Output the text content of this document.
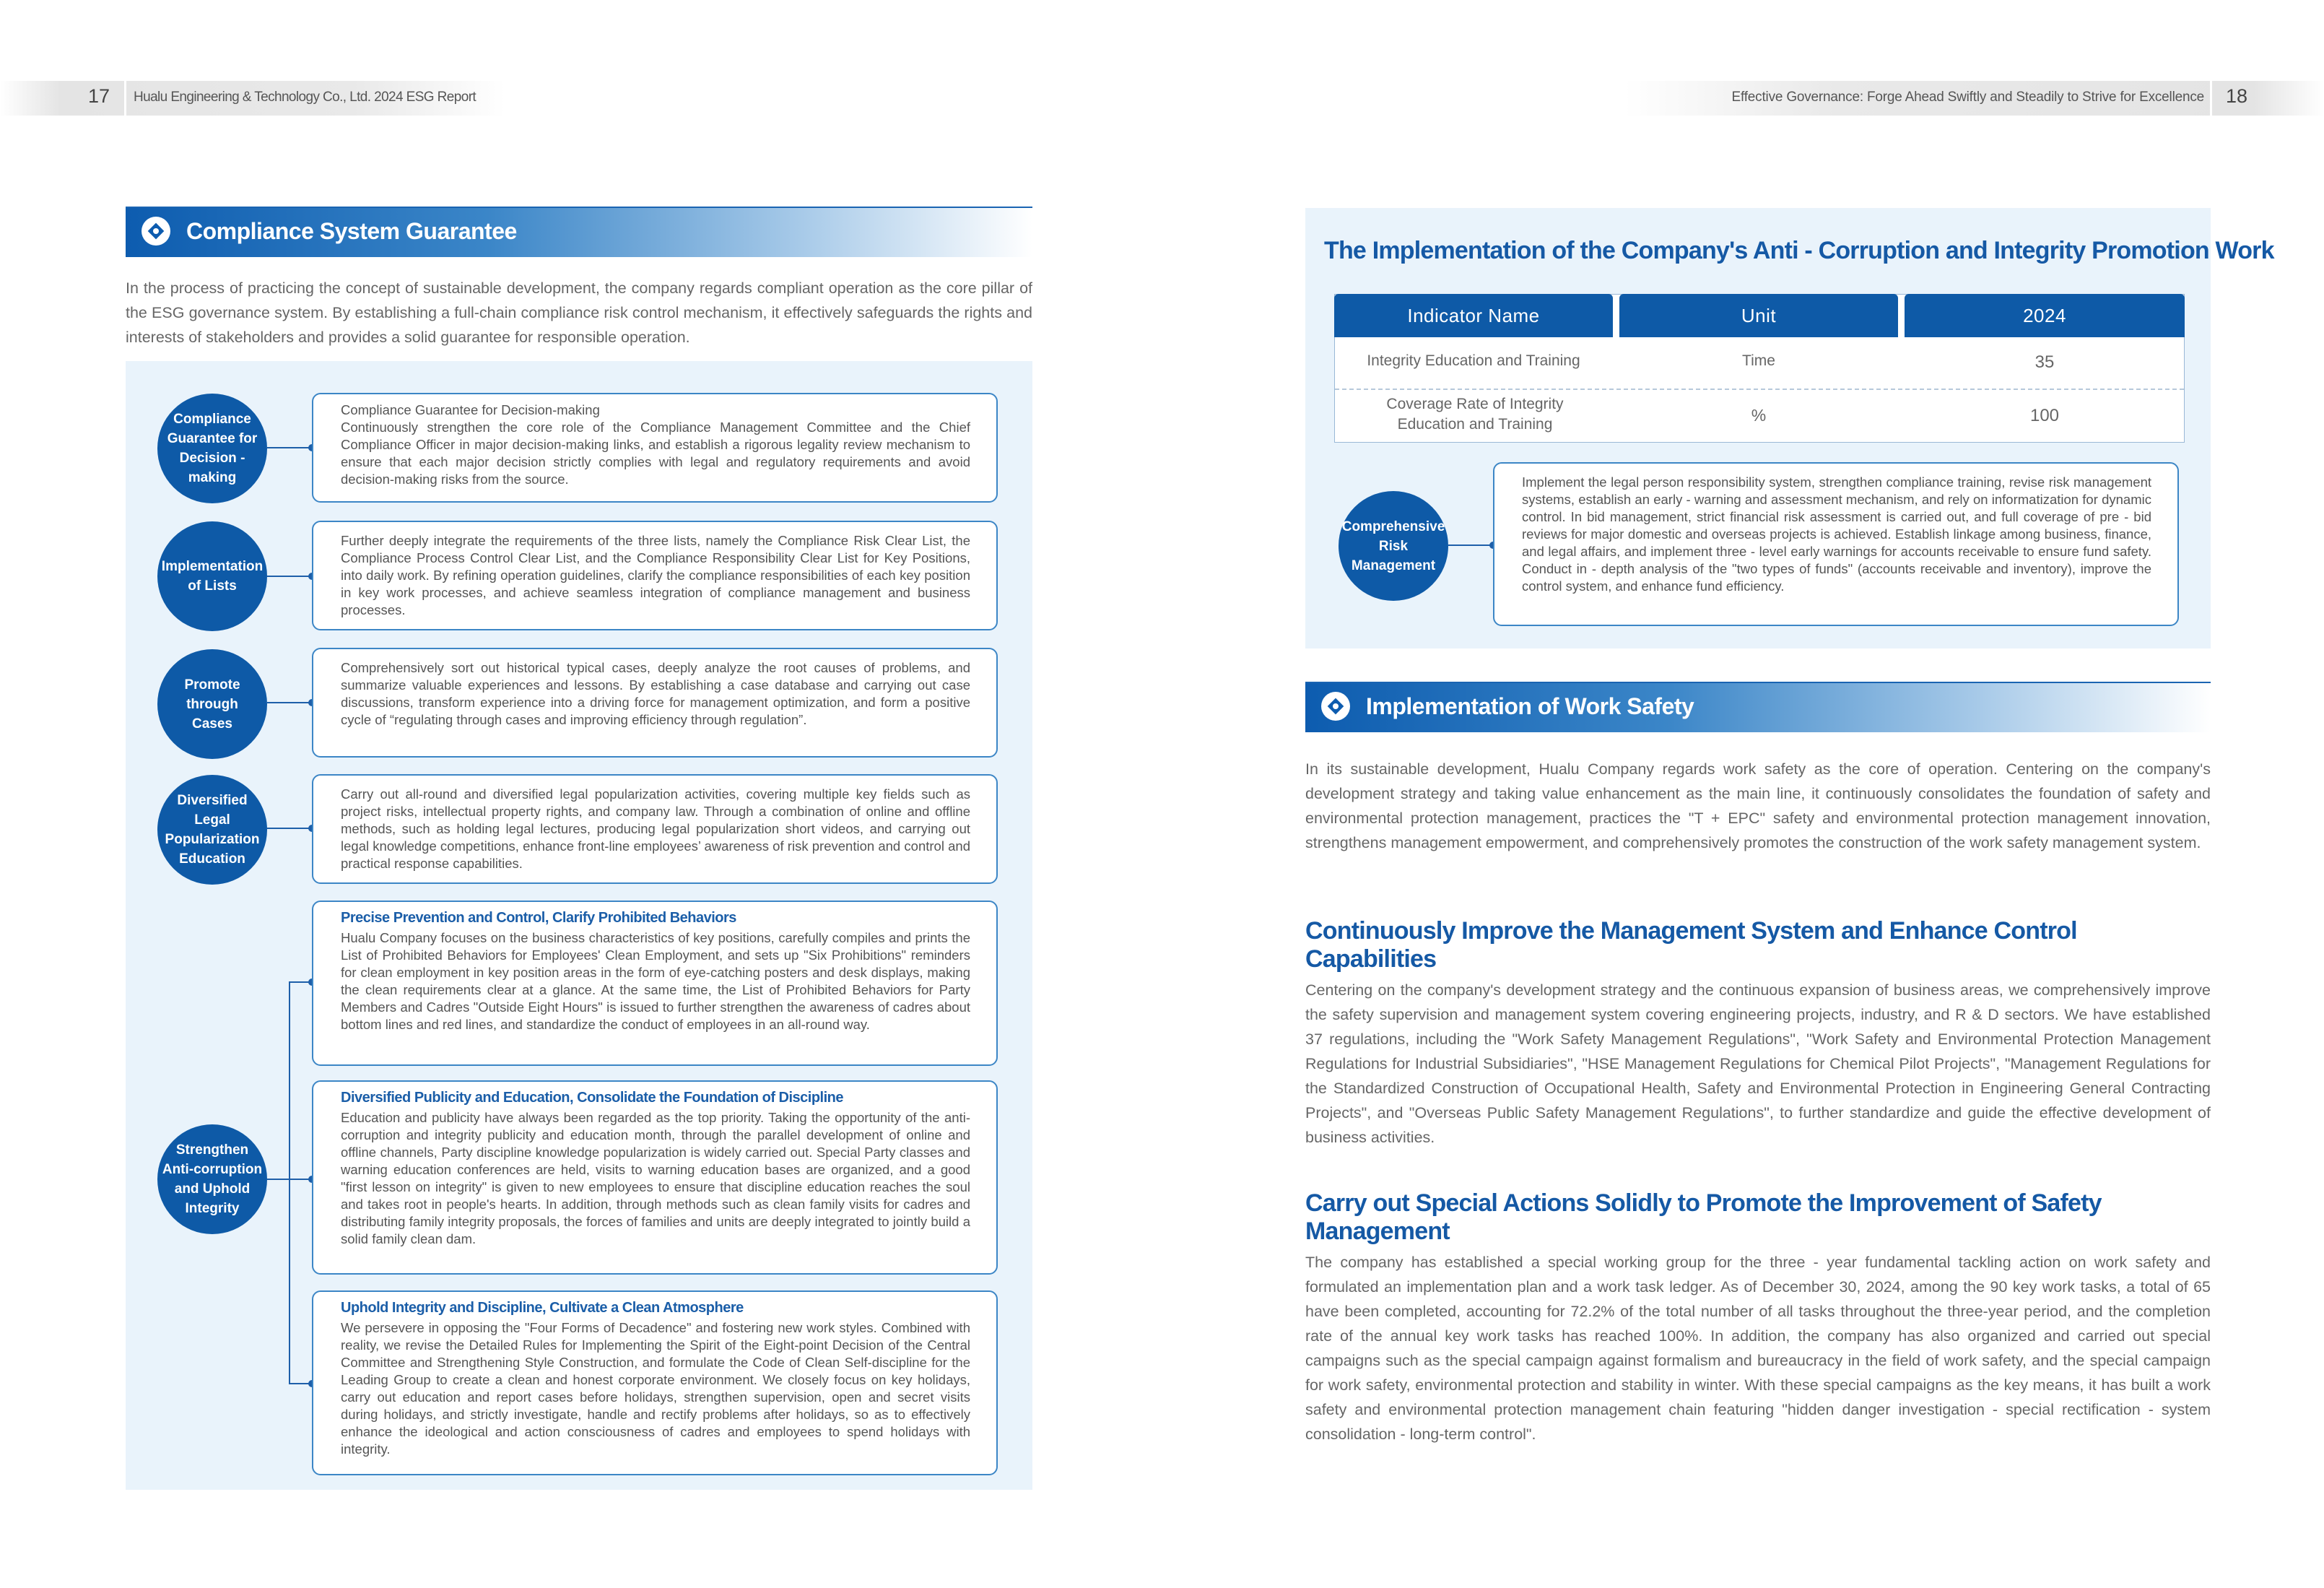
17 Hualu Engineering & Technology Co., Ltd. 2024 ESG Report	Effective Governance: Forge Ahead Swiftly and Steadily to Strive for Excellence 18
Compliance System Guarantee
In the process of practicing the concept of sustainable development, the company regards compliant operation as the core pillar of the ESG governance system. By establishing a full-chain compliance risk control mechanism, it effectively safeguards the rights and interests of stakeholders and provides a solid guarantee for responsible operation.
Compliance Guarantee for Decision -making
Compliance Guarantee for Decision-making
Continuously strengthen the core role of the Compliance Management Committee and the Chief Compliance Officer in major decision-making links, and establish a rigorous legality review mechanism to ensure that each major decision strictly complies with legal and regulatory requirements and avoid decision-making risks from the source.
Implementation of Lists
Further deeply integrate the requirements of the three lists, namely the Compliance Risk Clear List, the Compliance Process Control Clear List, and the Compliance Responsibility Clear List for Key Positions, into daily work. By refining operation guidelines, clarify the compliance responsibilities of each key position in key work processes, and achieve seamless integration of compliance management and business processes.
Promote through Cases
Comprehensively sort out historical typical cases, deeply analyze the root causes of problems, and summarize valuable experiences and lessons. By establishing a case database and carrying out case discussions, transform experience into a driving force for management optimization, and form a positive cycle of “regulating through cases and improving efficiency through regulation”.
Diversified Legal Popularization Education
Carry out all-round and diversified legal popularization activities, covering multiple key fields such as project risks, intellectual property rights, and company law. Through a combination of online and offline methods, such as holding legal lectures, producing legal popularization short videos, and carrying out legal knowledge competitions, enhance front-line employees’ awareness of risk prevention and control and practical response capabilities.
Strengthen Anti-corruption and Uphold Integrity
Precise Prevention and Control, Clarify Prohibited Behaviors
Hualu Company focuses on the business characteristics of key positions, carefully compiles and prints the List of Prohibited Behaviors for Employees' Clean Employment, and sets up "Six Prohibitions" reminders for clean employment in key position areas in the form of eye-catching posters and desk displays, making the clean requirements clear at a glance. At the same time, the List of Prohibited Behaviors for Party Members and Cadres "Outside Eight Hours" is issued to further strengthen the awareness of cadres about bottom lines and red lines, and standardize the conduct of employees in an all-round way.
Diversified Publicity and Education, Consolidate the Foundation of Discipline
Education and publicity have always been regarded as the top priority. Taking the opportunity of the anti-corruption and integrity publicity and education month, through the parallel development of online and offline channels, Party discipline knowledge popularization is widely carried out. Special Party classes and warning education conferences are held, visits to warning education bases are organized, and a good "first lesson on integrity" is given to new employees to ensure that discipline education reaches the soul and takes root in people's hearts. In addition, through methods such as clean family visits for cadres and distributing family integrity proposals, the forces of families and units are deeply integrated to jointly build a solid family clean dam.
Uphold Integrity and Discipline, Cultivate a Clean Atmosphere
We persevere in opposing the "Four Forms of Decadence" and fostering new work styles. Combined with reality, we revise the Detailed Rules for Implementing the Spirit of the Eight-point Decision of the Central Committee and Strengthening Style Construction, and formulate the Code of Clean Self-discipline for the Leading Group to create a clean and honest corporate environment. We closely focus on key holidays, carry out education and report cases before holidays, strengthen supervision, open and secret visits during holidays, and strictly investigate, handle and rectify problems after holidays, so as to effectively enhance the ideological and action consciousness of cadres and employees to spend holidays with integrity.
The Implementation of the Company's Anti - Corruption and Integrity Promotion Work
Indicator Name	Unit	2024
Integrity Education and Training	Time	35
Coverage Rate of Integrity Education and Training	%	100
Comprehensive Risk Management
Implement the legal person responsibility system, strengthen compliance training, revise risk management systems, establish an early - warning and assessment mechanism, and rely on informatization for dynamic control. In bid management, strict financial risk assessment is carried out, and full coverage of pre - bid reviews for major domestic and overseas projects is achieved. Establish linkage among business, finance, and legal affairs, and implement three - level early warnings for accounts receivable to ensure fund safety. Conduct in - depth analysis of the "two types of funds" (accounts receivable and inventory), improve the control system, and enhance fund efficiency.
Implementation of Work Safety
In its sustainable development, Hualu Company regards work safety as the core of operation. Centering on the company's development strategy and taking value enhancement as the main line, it continuously consolidates the foundation of safety and environmental protection management, practices the "T + EPC" safety and environmental protection management innovation, strengthens management empowerment, and comprehensively promotes the construction of the work safety management system.
Continuously Improve the Management System and Enhance Control Capabilities
Centering on the company's development strategy and the continuous expansion of business areas, we comprehensively improve the safety supervision and management system covering engineering projects, industry, and R & D sectors. We have established 37 regulations, including the "Work Safety Management Regulations", "Work Safety and Environmental Protection Management Regulations for Industrial Subsidiaries", "HSE Management Regulations for Chemical Pilot Projects", "Management Regulations for the Standardized Construction of Occupational Health, Safety and Environmental Protection in Engineering General Contracting Projects", and "Overseas Public Safety Management Regulations", to further standardize and guide the effective development of business activities.
Carry out Special Actions Solidly to Promote the Improvement of Safety Management
The company has established a special working group for the three - year fundamental tackling action on work safety and formulated an implementation plan and a work task ledger. As of December 30, 2024, among the 90 key work tasks, a total of 65 have been completed, accounting for 72.2% of the total number of all tasks throughout the three-year period, and the completion rate of the annual key work tasks has reached 100%. In addition, the company has also organized and carried out special campaigns such as the special campaign against formalism and bureaucracy in the field of work safety, and the special campaign for work safety, environmental protection and stability in winter. With these special campaigns as the key means, it has built a work safety and environmental protection management chain featuring "hidden danger investigation - special rectification - system consolidation - long-term control".
